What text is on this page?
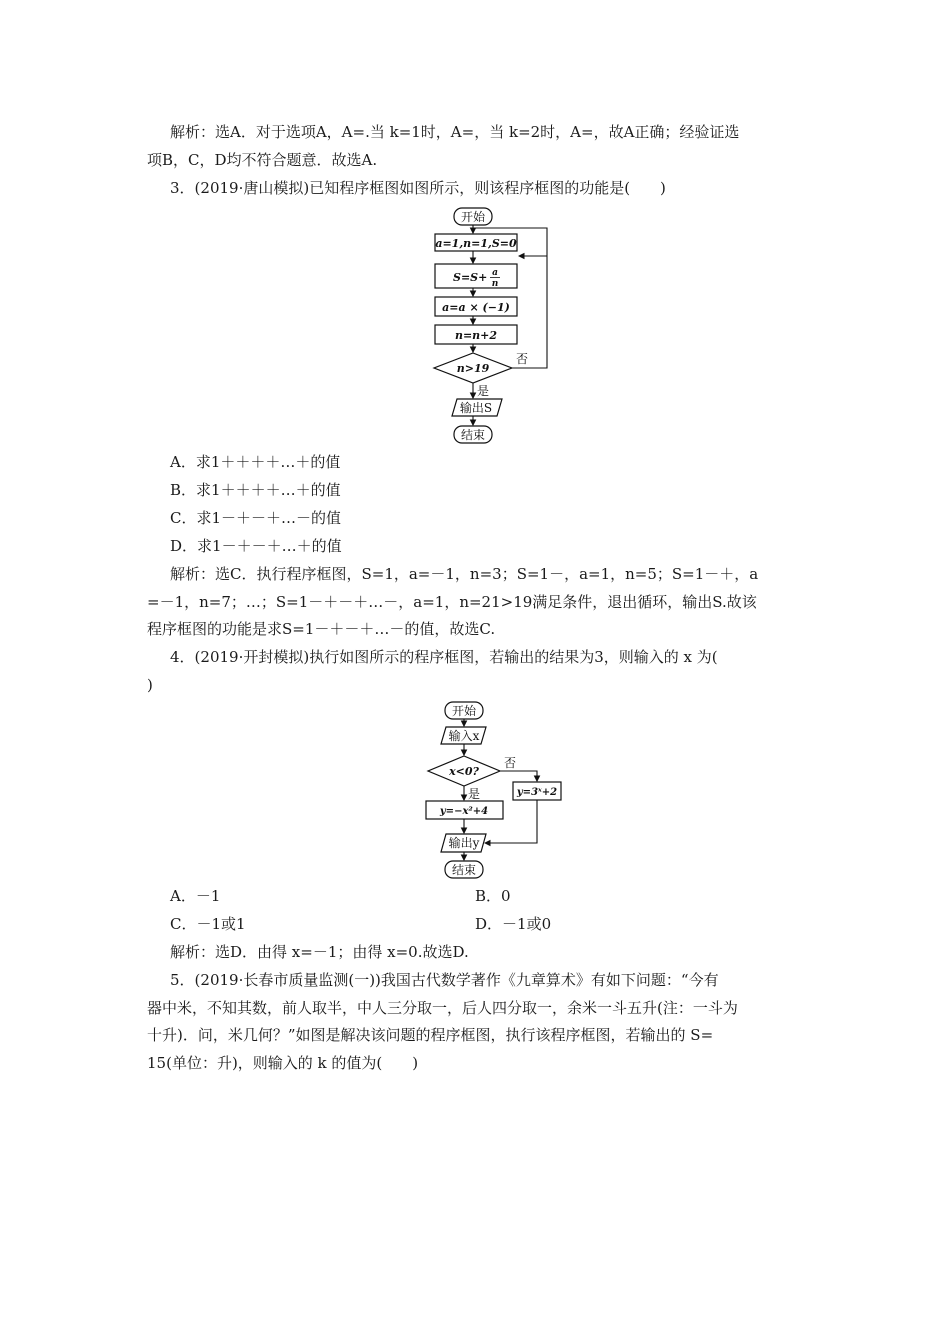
解析：选A．对于选项A，A=.当 k=1时，A=，当 k=2时，A=，故A正确；经验证选
项B，C，D均不符合题意．故选A.
3．(2019·唐山模拟)已知程序框图如图所示，则该程序框图的功能是(　　)
开始
a=1,n=1,S=0
S=S+ a
n
a=a × (−1)
n=n+2
n>19
否
是
输出S
结束
A．求1＋＋＋＋…＋的值
B．求1＋＋＋＋…＋的值
C．求1－＋－＋…－的值
D．求1－＋－＋…＋的值
解析：选C．执行程序框图，S=1，a=－1，n=3；S=1－，a=1，n=5；S=1－＋，a
=－1，n=7；…；S=1－＋－＋…－，a=1，n=21>19满足条件，退出循环，输出S.故该
程序框图的功能是求S=1－＋－＋…－的值，故选C.
4．(2019·开封模拟)执行如图所示的程序框图，若输出的结果为3，则输入的 x 为(
)
开始
输入x
x<0?
否
y=3ˣ+2
是
y=−x²+4
输出y
结束
A．－1	B．0
C．－1或1	D．－1或0
解析：选D．由得 x=－1；由得 x=0.故选D.
5．(2019·长春市质量监测(一))我国古代数学著作《九章算术》有如下问题：“今有
器中米，不知其数，前人取半，中人三分取一，后人四分取一，余米一斗五升(注：一斗为
十升)．问，米几何？”如图是解决该问题的程序框图，执行该程序框图，若输出的 S=
15(单位：升)，则输入的 k 的值为(　　)
